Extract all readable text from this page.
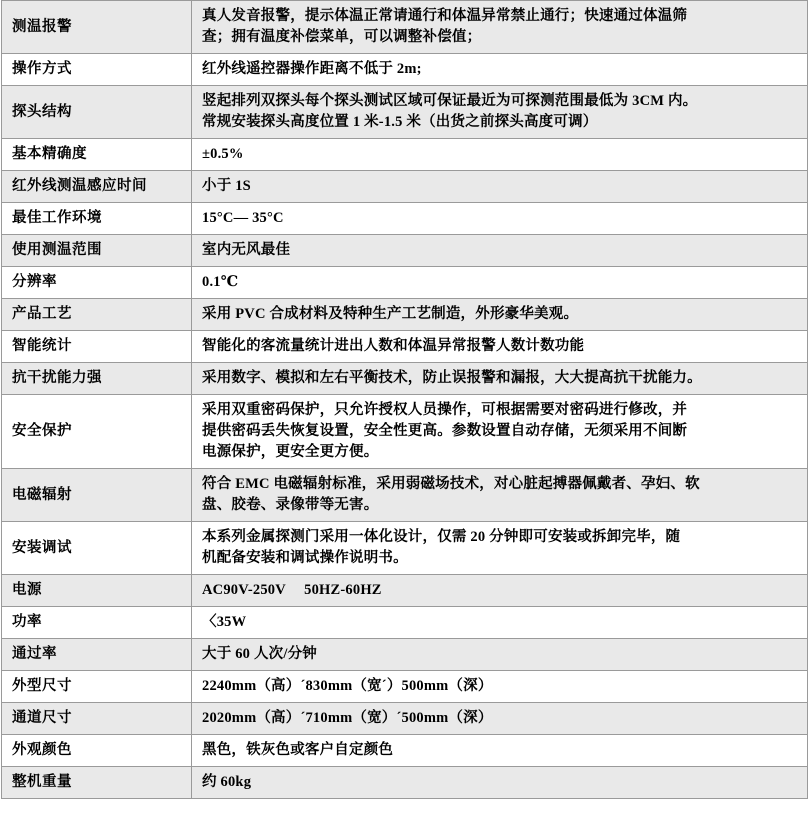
测温报警	真人发音报警，提示体温正常请通行和体温异常禁止通行；快速通过体温筛
查；拥有温度补偿菜单，可以调整补偿值；

操作方式	红外线遥控器操作距离不低于 2m;

探头结构	竖起排列双探头每个探头测试区域可保证最近为可探测范围最低为 3CM 内。
常规安装探头高度位置 1 米-1.5 米（出货之前探头高度可调）

基本精确度	±0.5%

红外线测温感应时间	小于 1S

最佳工作环境	15°C— 35°C

使用测温范围	室内无风最佳

分辨率	0.1℃

产品工艺	采用 PVC 合成材料及特种生产工艺制造，外形豪华美观。

智能统计	智能化的客流量统计进出人数和体温异常报警人数计数功能

抗干扰能力强	采用数字、模拟和左右平衡技术，防止误报警和漏报，大大提高抗干扰能力。

安全保护	采用双重密码保护，只允许授权人员操作，可根据需要对密码进行修改，并
提供密码丢失恢复设置，安全性更高。参数设置自动存储，无须采用不间断
电源保护，更安全更方便。

电磁辐射	符合 EMC 电磁辐射标准，采用弱磁场技术，对心脏起搏器佩戴者、孕妇、软
盘、胶卷、录像带等无害。

安装调试	本系列金属探测门采用一体化设计，仅需 20 分钟即可安装或拆卸完毕，随
机配备安装和调试操作说明书。

电源	AC90V-250V　 50HZ-60HZ

功率	〈35W

通过率	大于 60 人次/分钟

外型尺寸	2240mm（高）´830mm（宽´）500mm（深）

通道尺寸	2020mm（高）´710mm（宽）´500mm（深）

外观颜色	黑色，铁灰色或客户自定颜色

整机重量	约 60kg
